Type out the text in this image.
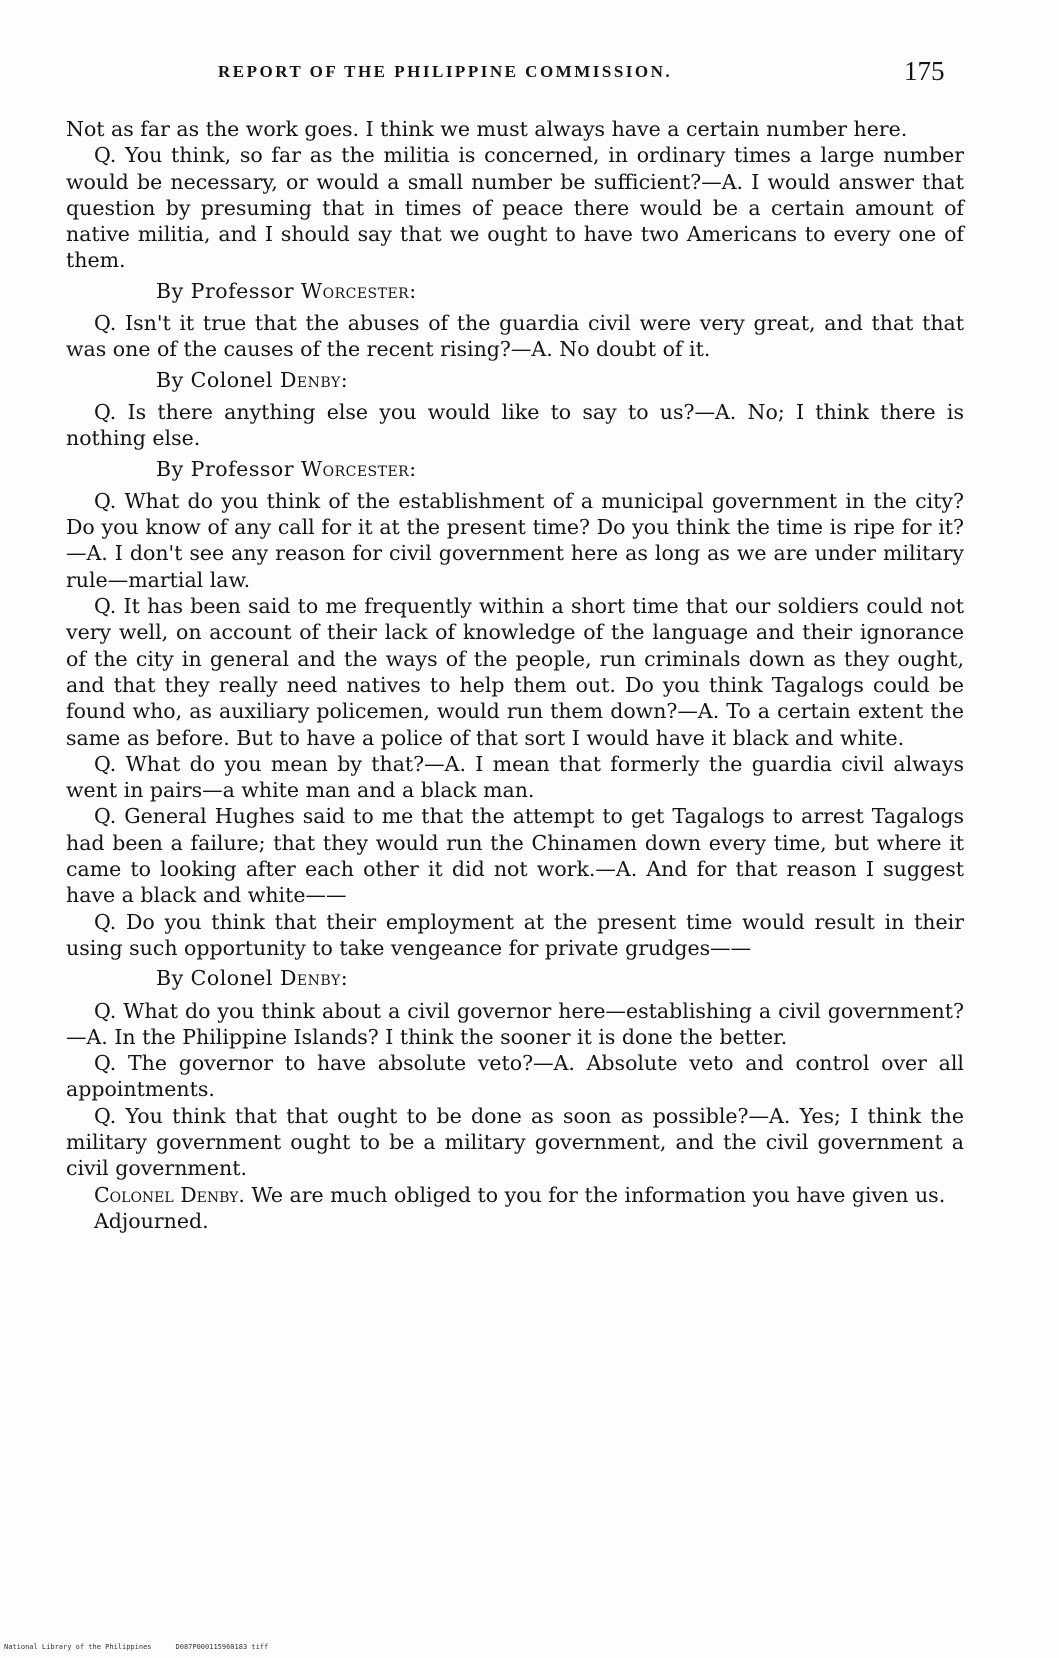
REPORT OF THE PHILIPPINE COMMISSION.	175

Not as far as the work goes. I think we must always have a certain number here.

Q. You think, so far as the militia is concerned, in ordinary times a large number would be necessary, or would a small number be sufficient?—A. I would answer that question by presuming that in times of peace there would be a certain amount of native militia, and I should say that we ought to have two Americans to every one of them.

By Professor Worcester:

Q. Isn't it true that the abuses of the guardia civil were very great, and that that was one of the causes of the recent rising?—A. No doubt of it.

By Colonel Denby:

Q. Is there anything else you would like to say to us?—A. No; I think there is nothing else.

By Professor Worcester:

Q. What do you think of the establishment of a municipal government in the city? Do you know of any call for it at the present time? Do you think the time is ripe for it?—A. I don't see any reason for civil government here as long as we are under military rule—martial law.

Q. It has been said to me frequently within a short time that our soldiers could not very well, on account of their lack of knowledge of the language and their ignorance of the city in general and the ways of the people, run criminals down as they ought, and that they really need natives to help them out. Do you think Tagalogs could be found who, as auxiliary policemen, would run them down?—A. To a certain extent the same as before. But to have a police of that sort I would have it black and white.

Q. What do you mean by that?—A. I mean that formerly the guardia civil always went in pairs—a white man and a black man.

Q. General Hughes said to me that the attempt to get Tagalogs to arrest Tagalogs had been a failure; that they would run the Chinamen down every time, but where it came to looking after each other it did not work.—A. And for that reason I suggest have a black and white——

Q. Do you think that their employment at the present time would result in their using such opportunity to take vengeance for private grudges——

By Colonel Denby:

Q. What do you think about a civil governor here—establishing a civil government?—A. In the Philippine Islands? I think the sooner it is done the better.

Q. The governor to have absolute veto?—A. Absolute veto and control over all appointments.

Q. You think that that ought to be done as soon as possible?—A. Yes; I think the military government ought to be a military government, and the civil government a civil government.

Colonel Denby. We are much obliged to you for the information you have given us.

Adjourned.

National Library of the Philippines	D087P000115960183 tiff
